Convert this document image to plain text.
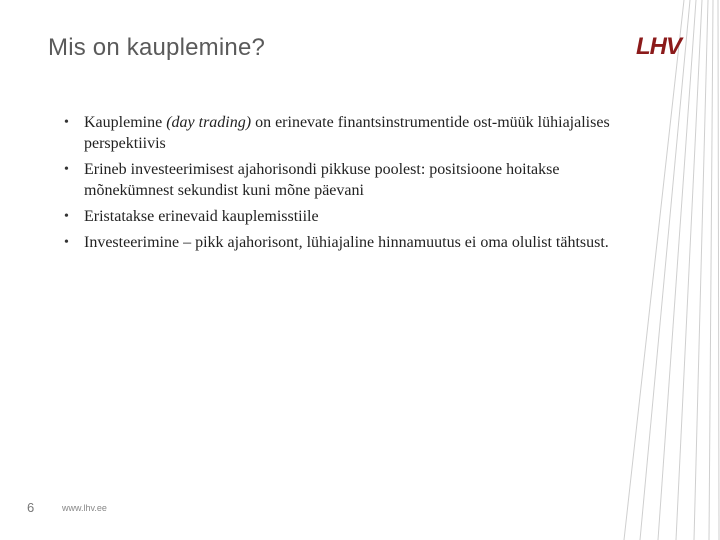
Mis on kauplemine?	LHV
• Kauplemine (day trading) on erinevate finantsinstrumentide ost-müük lühiajalises perspektiivis
• Erineb investeerimisest ajahorisondi pikkuse poolest: positsioone hoitakse mõnekümnest sekundist kuni mõne päevani
• Eristatakse erinevaid kauplemisstiile
• Investeerimine – pikk ajahorisont, lühiajaline hinnamuutus ei oma olulist tähtsust.
6	www.lhv.ee
